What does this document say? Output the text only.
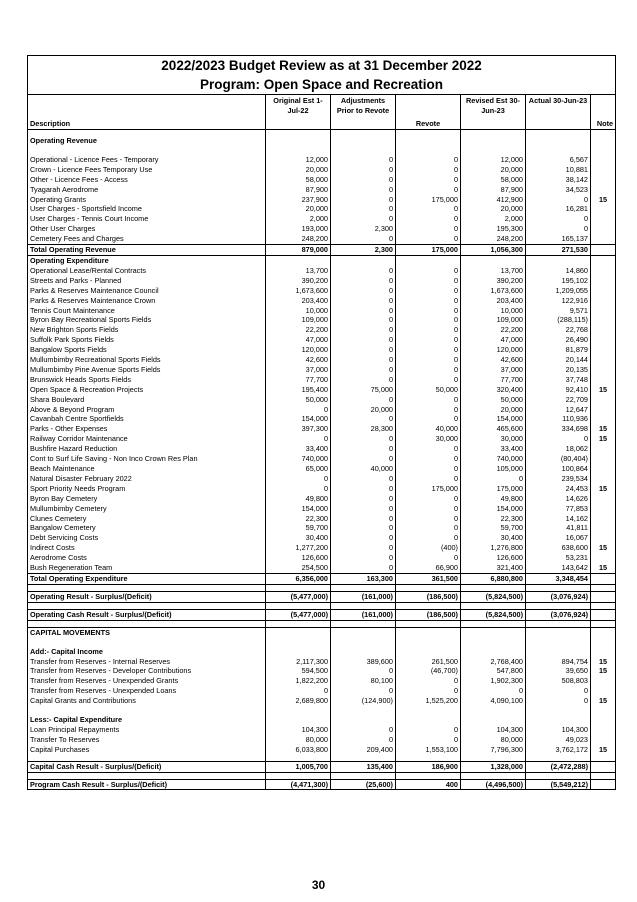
2022/2023 Budget Review as at 31 December 2022						
Program: Open Space and Recreation						
Description	Original Est 1-Jul-22	Adjustments Prior to Revote	Revote	Revised Est 30-Jun-23	Actual 30-Jun-23	Note

Operating Revenue						

Operational - Licence Fees - Temporary	12,000	0	0	12,000	6,567	
Crown - Licence Fees Temporary Use	20,000	0	0	20,000	10,881	
Other - Licence Fees - Access	58,000	0	0	58,000	38,142	
Tyagarah Aerodrome	87,900	0	0	87,900	34,523	
Operating Grants	237,900	0	175,000	412,900	0	15
User Charges - Sportsfield Income	20,000	0	0	20,000	16,281	
User Charges - Tennis Court Income	2,000	0	0	2,000	0	
Other User Charges	193,000	2,300	0	195,300	0	
Cemetery Fees and Charges	248,200	0	0	248,200	165,137	
Total Operating Revenue	879,000	2,300	175,000	1,056,300	271,530	
Operating Expenditure						
Operational Lease/Rental Contracts	13,700	0	0	13,700	14,860	
Streets and Parks - Planned	390,200	0	0	390,200	195,102	
Parks & Reserves Maintenance Council	1,673,600	0	0	1,673,600	1,209,055	
Parks & Reserves Maintenance Crown	203,400	0	0	203,400	122,916	
Tennis Court Maintenance	10,000	0	0	10,000	9,571	
Byron Bay Recreational Sports Fields	109,000	0	0	109,000	(288,115)	
New Brighton Sports Fields	22,200	0	0	22,200	22,768	
Suffolk Park Sports Fields	47,000	0	0	47,000	26,490	
Bangalow Sports Fields	120,000	0	0	120,000	81,879	
Mullumbimby Recreational Sports Fields	42,600	0	0	42,600	20,144	
Mullumbimby Pine Avenue Sports Fields	37,000	0	0	37,000	20,135	
Brunswick Heads Sports Fields	77,700	0	0	77,700	37,748	
Open Space & Recreation Projects	195,400	75,000	50,000	320,400	92,410	15
Shara Boulevard	50,000	0	0	50,000	22,709	
Above & Beyond Program	0	20,000	0	20,000	12,647	
Cavanbah Centre Sportfields	154,000	0	0	154,000	110,936	
Parks - Other Expenses	397,300	28,300	40,000	465,600	334,698	15
Railway Corridor Maintenance	0	0	30,000	30,000	0	15
Bushfire Hazard Reduction	33,400	0	0	33,400	18,062	
Cont to Surf Life Saving - Non Inco Crown Res Plan	740,000	0	0	740,000	(80,404)	
Beach Maintenance	65,000	40,000	0	105,000	100,864	
Natural Disaster February 2022	0	0	0	0	239,534	
Sport Priority Needs Program	0	0	175,000	175,000	24,453	15
Byron Bay Cemetery	49,800	0	0	49,800	14,626	
Mullumbimby Cemetery	154,000	0	0	154,000	77,853	
Clunes Cemetery	22,300	0	0	22,300	14,162	
Bangalow Cemetery	59,700	0	0	59,700	41,811	
Debt Servicing Costs	30,400	0	0	30,400	16,067	
Indirect Costs	1,277,200	0	(400)	1,276,800	638,600	15
Aerodrome Costs	126,600	0	0	126,600	53,231	
Bush Regeneration Team	254,500	0	66,900	321,400	143,642	15
Total Operating Expenditure	6,356,000	163,300	361,500	6,880,800	3,348,454	

Operating Result - Surplus/(Deficit)	(5,477,000)	(161,000)	(186,500)	(5,824,500)	(3,076,924)	

Operating Cash Result - Surplus/(Deficit)	(5,477,000)	(161,000)	(186,500)	(5,824,500)	(3,076,924)	

CAPITAL MOVEMENTS						

Add:- Capital Income						
Transfer from Reserves - Internal Reserves	2,117,300	389,600	261,500	2,768,400	894,754	15
Transfer from Reserves - Developer Contributions	594,500	0	(46,700)	547,800	39,650	15
Transfer from Reserves - Unexpended Grants	1,822,200	80,100	0	1,902,300	508,803	
Transfer from Reserves - Unexpended Loans	0	0	0	0	0	
Capital Grants and Contributions	2,689,800	(124,900)	1,525,200	4,090,100	0	15

Less:- Capital Expenditure						
Loan Principal Repayments	104,300	0	0	104,300	104,300	
Transfer To Reserves	80,000	0	0	80,000	49,023	
Capital Purchases	6,033,800	209,400	1,553,100	7,796,300	3,762,172	15

Capital Cash Result - Surplus/(Deficit)	1,005,700	135,400	186,900	1,328,000	(2,472,288)	

Program Cash Result - Surplus/(Deficit)	(4,471,300)	(25,600)	400	(4,496,500)	(5,549,212)	
30
